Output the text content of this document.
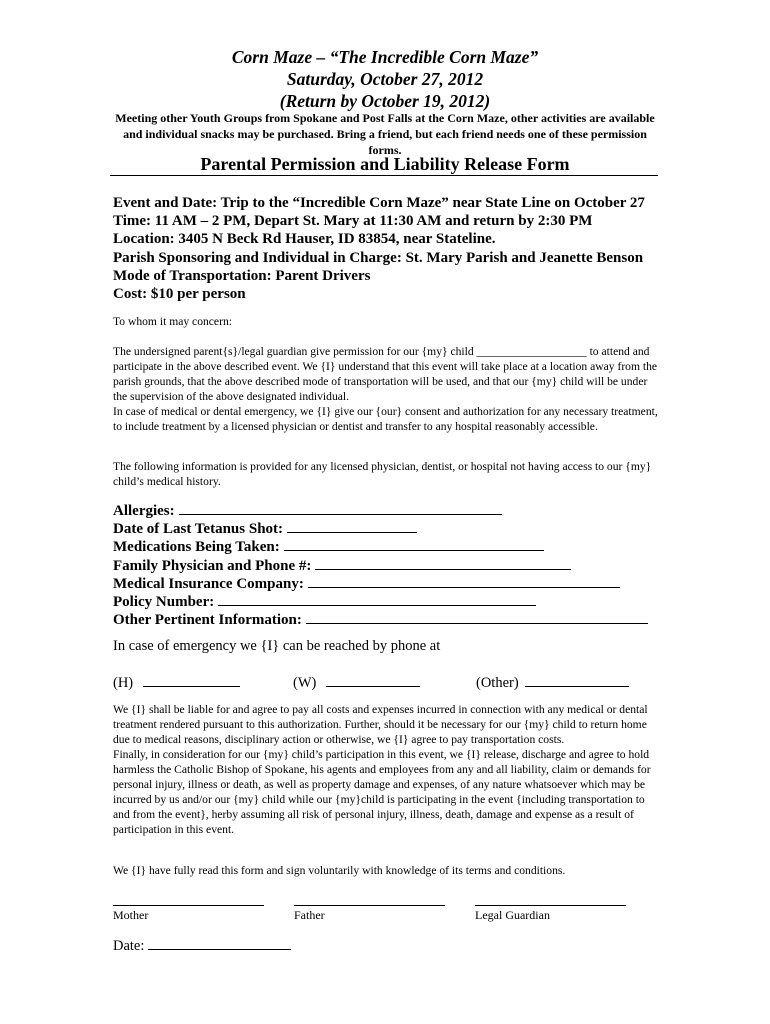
Corn Maze – “The Incredible Corn Maze”
Saturday, October 27, 2012
(Return by October 19, 2012)
Meeting other Youth Groups from Spokane and Post Falls at the Corn Maze, other activities are available and individual snacks may be purchased. Bring a friend, but each friend needs one of these permission forms.
Parental Permission and Liability Release Form
Event and Date: Trip to the “Incredible Corn Maze” near State Line on October 27
Time: 11 AM – 2 PM, Depart St. Mary at 11:30 AM and return by 2:30 PM
Location: 3405 N Beck Rd Hauser, ID 83854, near Stateline.
Parish Sponsoring and Individual in Charge: St. Mary Parish and Jeanette Benson
Mode of Transportation: Parent Drivers
Cost: $10 per person
To whom it may concern:

The undersigned parent{s}/legal guardian give permission for our {my} child ___________________ to attend and participate in the above described event. We {I} understand that this event will take place at a location away from the parish grounds, that the above described mode of transportation will be used, and that our {my} child will be under the supervision of the above designated individual.

In case of medical or dental emergency, we {I} give our {our} consent and authorization for any necessary treatment, to include treatment by a licensed physician or dentist and transfer to any hospital reasonably accessible.

The following information is provided for any licensed physician, dentist, or hospital not having access to our {my} child’s medical history.
Allergies:
Date of Last Tetanus Shot:
Medications Being Taken:
Family Physician and Phone #:
Medical Insurance Company:
Policy Number:
Other Pertinent Information:
In case of emergency we {I} can be reached by phone at
(H)	(W)	(Other)

We {I} shall be liable for and agree to pay all costs and expenses incurred in connection with any medical or dental treatment rendered pursuant to this authorization. Further, should it be necessary for our {my} child to return home due to medical reasons, disciplinary action or otherwise, we {I} agree to pay transportation costs.

Finally, in consideration for our {my} child’s participation in this event, we {I} release, discharge and agree to hold harmless the Catholic Bishop of Spokane, his agents and employees from any and all liability, claim or demands for personal injury, illness or death, as well as property damage and expenses, of any nature whatsoever which may be incurred by us and/or our {my} child while our {my}child is participating in the event {including transportation to and from the event}, herby assuming all risk of personal injury, illness, death, damage and expense as a result of participation in this event.

We {I} have fully read this form and sign voluntarily with knowledge of its terms and conditions.
Mother	Father	Legal Guardian
Date:
